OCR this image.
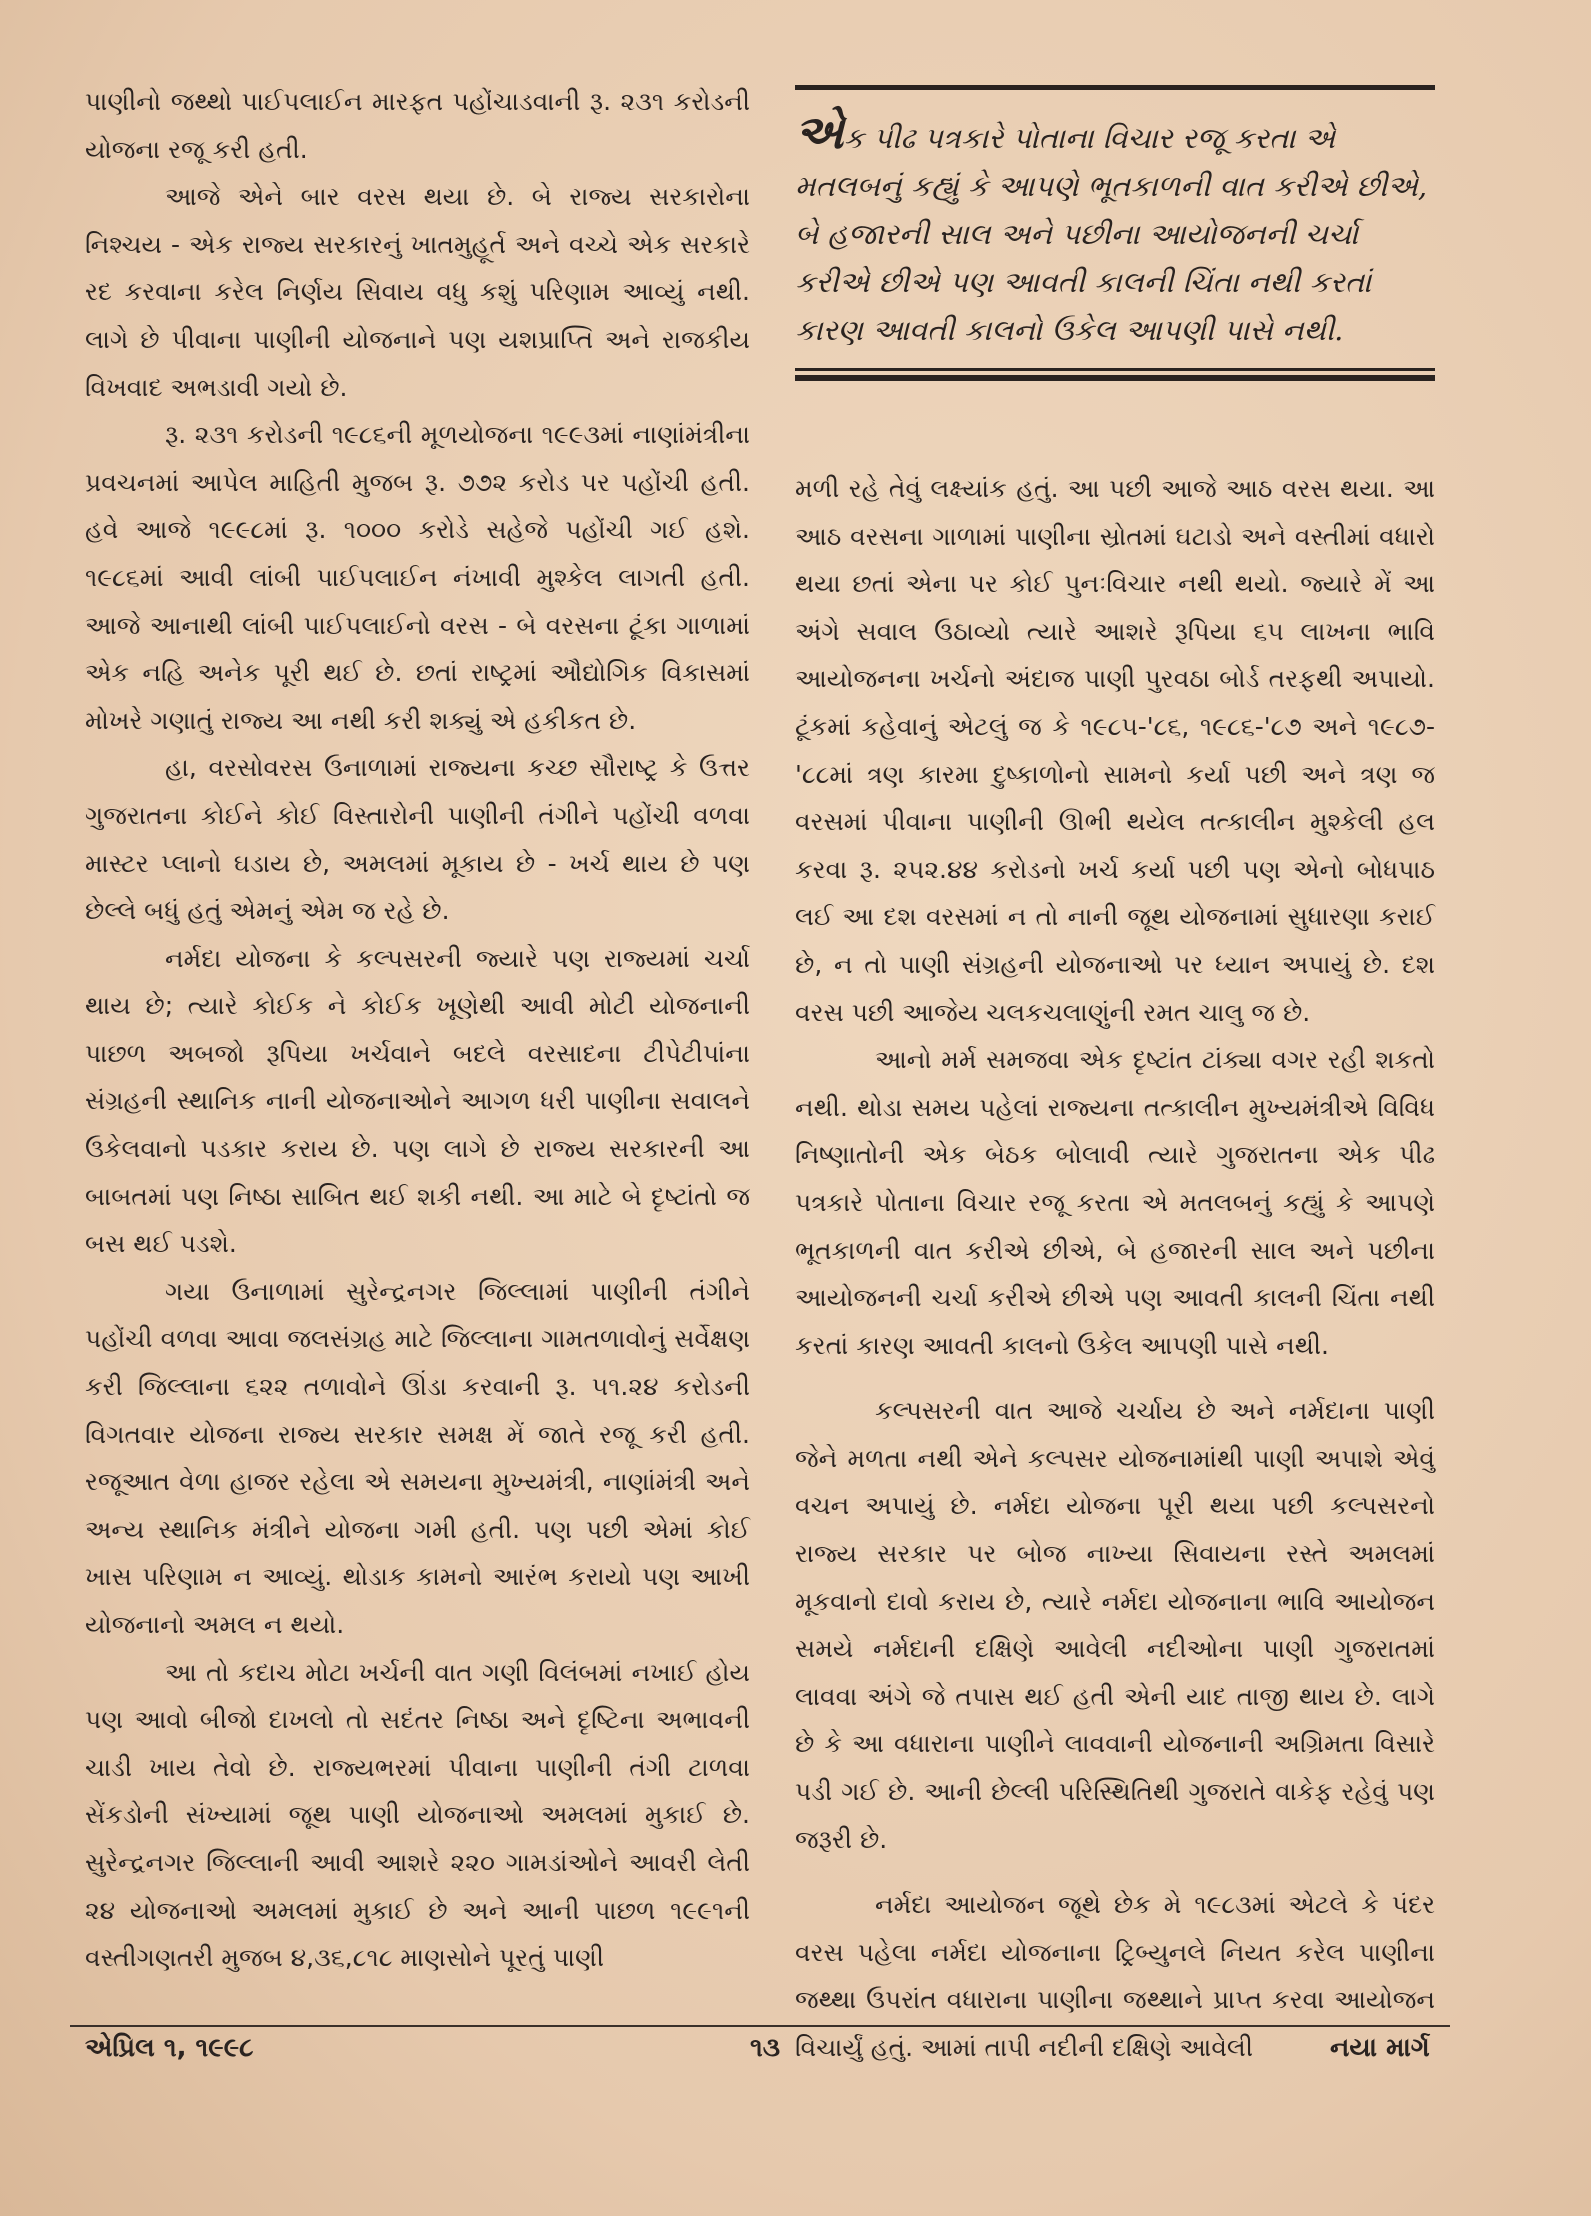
પાણીનો જથ્થો પાઈપલાઈન મારફત પહોંચાડવાની રૂ. ૨૩૧ કરોડની યોજના રજૂ કરી હતી.

આજે એને બાર વરસ થયા છે. બે રાજ્ય સરકારોના નિશ્ચય - એક રાજ્ય સરકારનું ખાતમુહૂર્ત અને વચ્ચે એક સરકારે રદ કરવાના કરેલ નિર્ણય સિવાય વધુ કશું પરિણામ આવ્યું નથી. લાગે છે પીવાના પાણીની યોજનાને પણ યશપ્રાપ્તિ અને રાજકીય વિખવાદ અભડાવી ગયો છે.

રૂ. ૨૩૧ કરોડની ૧૯૮૬ની મૂળયોજના ૧૯૯૩માં નાણાંમંત્રીના પ્રવચનમાં આપેલ માહિતી મુજબ રૂ. ૭૭૨ કરોડ પર પહોંચી હતી. હવે આજે ૧૯૯૮માં રૂ. ૧૦૦૦ કરોડે સહેજે પહોંચી ગઈ હશે. ૧૯૮૬માં આવી લાંબી પાઈપલાઈન નંખાવી મુશ્કેલ લાગતી હતી. આજે આનાથી લાંબી પાઈપલાઈનો વરસ - બે વરસના ટૂંકા ગાળામાં એક નહિ અનેક પૂરી થઈ છે. છતાં રાષ્ટ્રમાં ઔદ્યોગિક વિકાસમાં મોખરે ગણાતું રાજ્ય આ નથી કરી શક્યું એ હકીકત છે.

હા, વરસોવરસ ઉનાળામાં રાજ્યના કચ્છ સૌરાષ્ટ્ર કે ઉત્તર ગુજરાતના કોઈને કોઈ વિસ્તારોની પાણીની તંગીને પહોંચી વળવા માસ્ટર પ્લાનો ઘડાય છે, અમલમાં મૂકાય છે - ખર્ચ થાય છે પણ છેલ્લે બધું હતું એમનું એમ જ રહે છે.

નર્મદા યોજના કે કલ્પસરની જ્યારે પણ રાજ્યમાં ચર્ચા થાય છે; ત્યારે કોઈક ને કોઈક ખૂણેથી આવી મોટી યોજનાની પાછળ અબજો રૂપિયા ખર્ચવાને બદલે વરસાદના ટીપેટીપાંના સંગ્રહની સ્થાનિક નાની યોજનાઓને આગળ ધરી પાણીના સવાલને ઉકેલવાનો પડકાર કરાય છે. પણ લાગે છે રાજ્ય સરકારની આ બાબતમાં પણ નિષ્ઠા સાબિત થઈ શકી નથી. આ માટે બે દૃષ્ટાંતો જ બસ થઈ પડશે.

ગયા ઉનાળામાં સુરેન્દ્રનગર જિલ્લામાં પાણીની તંગીને પહોંચી વળવા આવા જલસંગ્રહ માટે જિલ્લાના ગામતળાવોનું સર્વેક્ષણ કરી જિલ્લાના ૬૨૨ તળાવોને ઊંડા કરવાની રૂ. ૫૧.૨૪ કરોડની વિગતવાર યોજના રાજ્ય સરકાર સમક્ષ મેં જાતે રજૂ કરી હતી. રજૂઆત વેળા હાજર રહેલા એ સમયના મુખ્યમંત્રી, નાણાંમંત્રી અને અન્ય સ્થાનિક મંત્રીને યોજના ગમી હતી. પણ પછી એમાં કોઈ ખાસ પરિણામ ન આવ્યું. થોડાક કામનો આરંભ કરાયો પણ આખી યોજનાનો અમલ ન થયો.

આ તો કદાચ મોટા ખર્ચની વાત ગણી વિલંબમાં નખાઈ હોય પણ આવો બીજો દાખલો તો સદંતર નિષ્ઠા અને દૃષ્ટિના અભાવની ચાડી ખાય તેવો છે. રાજ્યભરમાં પીવાના પાણીની તંગી ટાળવા સેંકડોની સંખ્યામાં જૂથ પાણી યોજનાઓ અમલમાં મુકાઈ છે. સુરેન્દ્રનગર જિલ્લાની આવી આશરે ૨૨૦ ગામડાંઓને આવરી લેતી ૨૪ યોજનાઓ અમલમાં મુકાઈ છે અને આની પાછળ ૧૯૯૧ની વસ્તીગણતરી મુજબ ૪,૩૬,૮૧૮ માણસોને પૂરતું પાણી

એક પીઢ પત્રકારે પોતાના વિચાર રજૂ કરતા એ મતલબનું કહ્યું કે આપણે ભૂતકાળની વાત કરીએ છીએ, બે હજારની સાલ અને પછીના આયોજનની ચર્ચા કરીએ છીએ પણ આવતી કાલની ચિંતા નથી કરતાં કારણ આવતી કાલનો ઉકેલ આપણી પાસે નથી.

મળી રહે તેવું લક્ષ્યાંક હતું. આ પછી આજે આઠ વરસ થયા. આ આઠ વરસના ગાળામાં પાણીના સ્રોતમાં ઘટાડો અને વસ્તીમાં વધારો થયા છતાં એના પર કોઈ પુનઃવિચાર નથી થયો. જ્યારે મેં આ અંગે સવાલ ઉઠાવ્યો ત્યારે આશરે રૂપિયા ૬૫ લાખના ભાવિ આયોજનના ખર્ચનો અંદાજ પાણી પુરવઠા બોર્ડ તરફથી અપાયો. ટૂંકમાં કહેવાનું એટલું જ કે ૧૯૮૫-'૮૬, ૧૯૮૬-'૮૭ અને ૧૯૮૭-'૮૮માં ત્રણ કારમા દુષ્કાળોનો સામનો કર્યા પછી અને ત્રણ જ વરસમાં પીવાના પાણીની ઊભી થયેલ તત્કાલીન મુશ્કેલી હલ કરવા રૂ. ૨૫૨.૪૪ કરોડનો ખર્ચ કર્યા પછી પણ એનો બોધપાઠ લઈ આ દશ વરસમાં ન તો નાની જૂથ યોજનામાં સુધારણા કરાઈ છે, ન તો પાણી સંગ્રહની યોજનાઓ પર ધ્યાન અપાયું છે. દશ વરસ પછી આજેય ચલકચલાણુંની રમત ચાલુ જ છે.

આનો મર્મ સમજવા એક દૃષ્ટાંત ટાંક્યા વગર રહી શકતો નથી. થોડા સમય પહેલાં રાજ્યના તત્કાલીન મુખ્યમંત્રીએ વિવિધ નિષ્ણાતોની એક બેઠક બોલાવી ત્યારે ગુજરાતના એક પીઢ પત્રકારે પોતાના વિચાર રજૂ કરતા એ મતલબનું કહ્યું કે આપણે ભૂતકાળની વાત કરીએ છીએ, બે હજારની સાલ અને પછીના આયોજનની ચર્ચા કરીએ છીએ પણ આવતી કાલની ચિંતા નથી કરતાં કારણ આવતી કાલનો ઉકેલ આપણી પાસે નથી.

કલ્પસરની વાત આજે ચર્ચાય છે અને નર્મદાના પાણી જેને મળતા નથી એને કલ્પસર યોજનામાંથી પાણી અપાશે એવું વચન અપાયું છે. નર્મદા યોજના પૂરી થયા પછી કલ્પસરનો રાજ્ય સરકાર પર બોજ નાખ્યા સિવાયના રસ્તે અમલમાં મૂકવાનો દાવો કરાય છે, ત્યારે નર્મદા યોજનાના ભાવિ આયોજન સમયે નર્મદાની દક્ષિણે આવેલી નદીઓના પાણી ગુજરાતમાં લાવવા અંગે જે તપાસ થઈ હતી એની યાદ તાજી થાય છે. લાગે છે કે આ વધારાના પાણીને લાવવાની યોજનાની અગ્રિમતા વિસારે પડી ગઈ છે. આની છેલ્લી પરિસ્થિતિથી ગુજરાતે વાકેફ રહેવું પણ જરૂરી છે.

નર્મદા આયોજન જૂથે છેક મે ૧૯૮૩માં એટલે કે પંદર વરસ પહેલા નર્મદા યોજનાના ટ્રિબ્યુનલે નિયત કરેલ પાણીના જથ્થા ઉપરાંત વધારાના પાણીના જથ્થાને પ્રાપ્ત કરવા આયોજન વિચાર્યું હતું. આમાં તાપી નદીની દક્ષિણે આવેલી

એપ્રિલ ૧, ૧૯૯૮	૧૩	નયા માર્ગ
